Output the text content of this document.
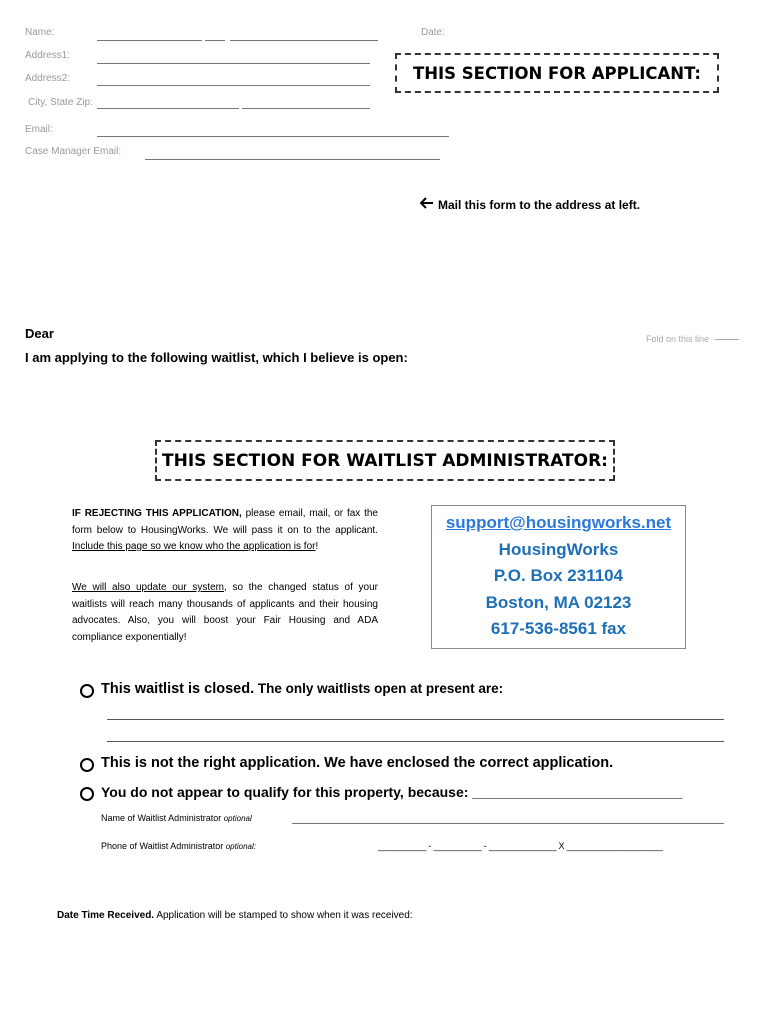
Name:	Date:
Address1:
Address2:
City, State Zip:
Email:
Case Manager Email:
THIS SECTION FOR APPLICANT:
Mail this form to the address at left.
Fold on this line
Dear
I am applying to the following waitlist, which I believe is open:
THIS SECTION FOR WAITLIST ADMINISTRATOR:
IF REJECTING THIS APPLICATION, please email, mail, or fax the form below to HousingWorks. We will pass it on to the applicant. Include this page so we know who the application is for!
We will also update our system, so the changed status of your waitlists will reach many thousands of applicants and their housing advocates. Also, you will boost your Fair Housing and ADA compliance exponentially!
support@housingworks.net
HousingWorks
P.O. Box 231104
Boston, MA 02123
617-536-8561 fax
This waitlist is closed. The only waitlists open at present are:
This is not the right application. We have enclosed the correct application.
You do not appear to qualify for this property, because: ___________________________
Name of Waitlist Administrator optional
Phone of Waitlist Administrator optional:	__________ - __________ - ______________ X ____________________
Date Time Received. Application will be stamped to show when it was received:
